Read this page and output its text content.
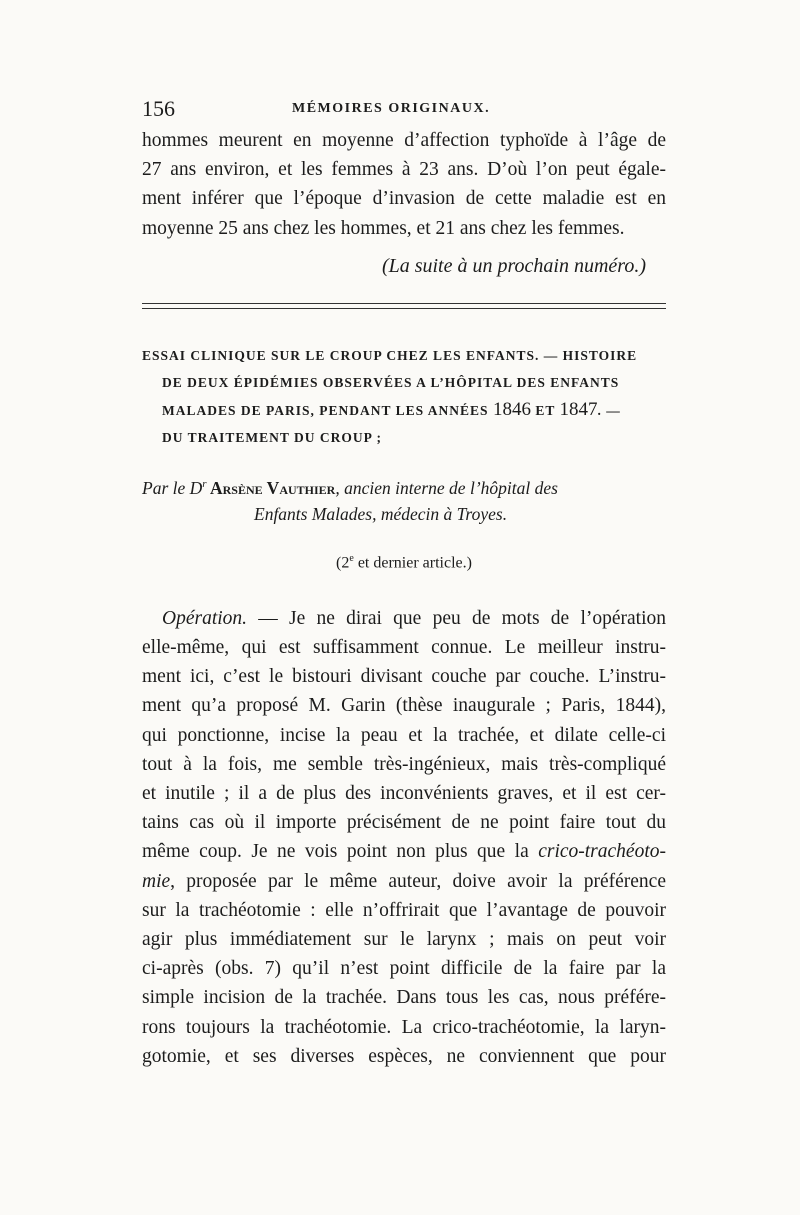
156	MÉMOIRES ORIGINAUX.
hommes meurent en moyenne d’affection typhoïde à l’âge de
27 ans environ, et les femmes à 23 ans. D’où l’on peut égale-
ment inférer que l’époque d’invasion de cette maladie est en
moyenne 25 ans chez les hommes, et 21 ans chez les femmes.
(La suite à un prochain numéro.)
ESSAI CLINIQUE SUR LE CROUP CHEZ LES ENFANTS. — HISTOIRE
DE DEUX ÉPIDÉMIES OBSERVÉES A L’HÔPITAL DES ENFANTS
MALADES DE PARIS, PENDANT LES ANNÉES 1846 ET 1847. —
DU TRAITEMENT DU CROUP ;
Par le $D^r$ Arsène Vauthier, ancien interne de l’hôpital des
Enfants Malades, médecin à Troyes.
(2e et dernier article.)
Opération. — Je ne dirai que peu de mots de l’opération
elle-même, qui est suffisamment connue. Le meilleur instru-
ment ici, c’est le bistouri divisant couche par couche. L’instru-
ment qu’a proposé M. Garin (thèse inaugurale ; Paris, 1844),
qui ponctionne, incise la peau et la trachée, et dilate celle-ci
tout à la fois, me semble très-ingénieux, mais très-compliqué
et inutile ; il a de plus des inconvénients graves, et il est cer-
tains cas où il importe précisément de ne point faire tout du
même coup. Je ne vois point non plus que la crico-trachéoto-
mie, proposée par le même auteur, doive avoir la préférence
sur la trachéotomie : elle n’offrirait que l’avantage de pouvoir
agir plus immédiatement sur le larynx ; mais on peut voir
ci-après (obs. 7) qu’il n’est point difficile de la faire par la
simple incision de la trachée. Dans tous les cas, nous préfére-
rons toujours la trachéotomie. La crico-trachéotomie, la laryn-
gotomie, et ses diverses espèces, ne conviennent que pour
